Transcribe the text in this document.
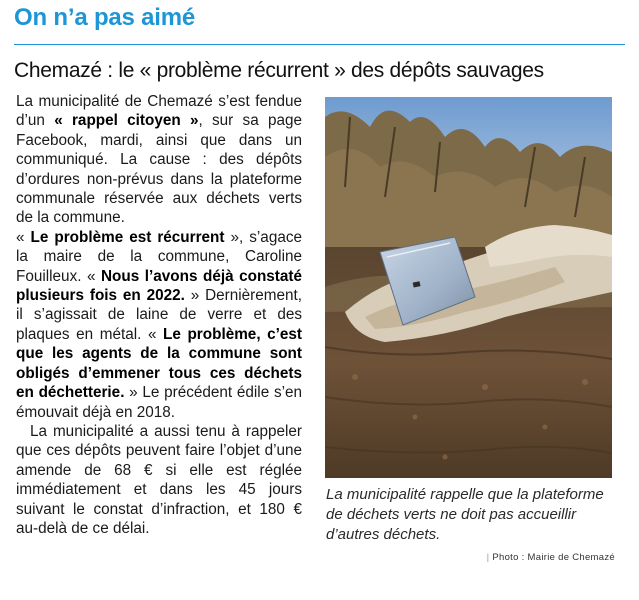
On n’a pas aimé
Chemazé : le « problème récurrent » des dépôts sauvages

La municipalité de Chemazé s’est fendue d’un « rappel citoyen », sur sa page Facebook, mardi, ainsi que dans un communiqué. La cause : des dépôts d’ordures non-prévus dans la plateforme communale réservée aux déchets verts de la commune.

« Le problème est récurrent », s’agace la maire de la commune, Caroline Fouilleux. « Nous l’avons déjà constaté plusieurs fois en 2022. » Dernièrement, il s’agissait de laine de verre et des plaques en métal. « Le problème, c’est que les agents de la commune sont obligés d’emmener tous ces déchets en déchetterie. » Le précédent édile s’en émouvait déjà en 2018.

La municipalité a aussi tenu à rappeler que ces dépôts peuvent faire l’objet d’une amende de 68 € si elle est réglée immédiatement et dans les 45 jours suivant le constat d’infraction, et 180 € au-delà de ce délai.

La municipalité rappelle que la plateforme de déchets verts ne doit pas accueillir d’autres déchets.
| Photo : Mairie de Chemazé
